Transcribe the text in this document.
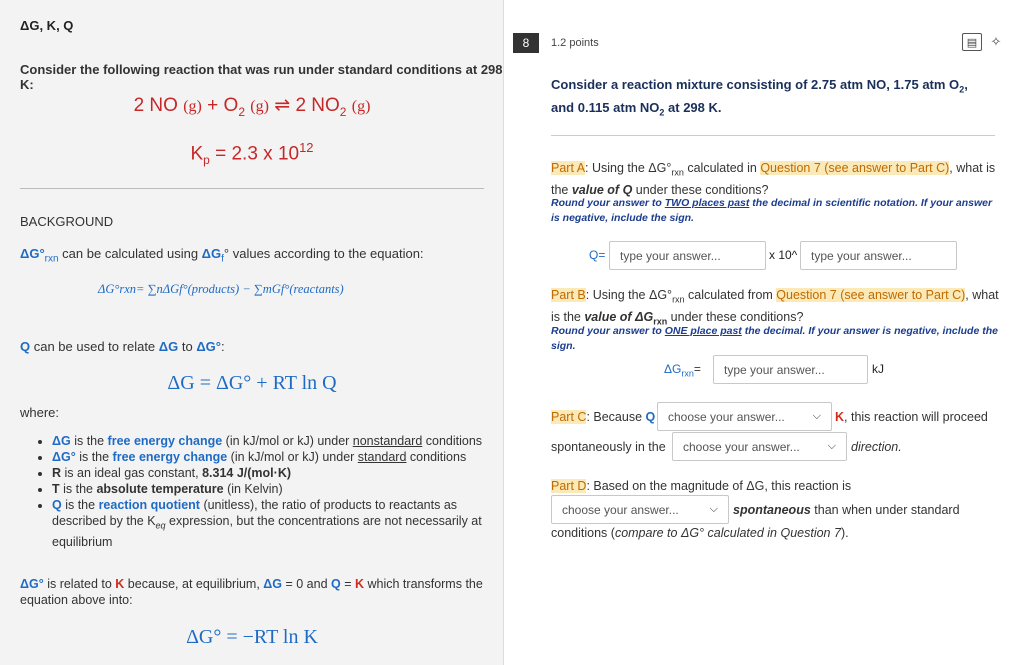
ΔG, K, Q
Consider the following reaction that was run under standard conditions at 298 K:
2 NO $(g) + O_2$ (g) ⇌ 2 $NO_2$ (g)
$K_p = 2.3$ x $10^{12}$
BACKGROUND
$\Delta G^\circ_{rxn}$ can be calculated using $\Delta G_f^\circ$ values according to the equation:
ΔG°rxn= ∑nΔGf°(products) − ∑mGf°(reactants)
Q can be used to relate ΔG to ΔG°:
ΔG = ΔG° + RT ln Q
where:
• ΔG is the free energy change (in kJ/mol or kJ) under nonstandard conditions
• ΔG° is the free energy change (in kJ/mol or kJ) under standard conditions
• R is an ideal gas constant, 8.314 J/(mol·K)
• T is the absolute temperature (in Kelvin)
• Q is the reaction quotient (unitless), the ratio of products to reactants as described by the $K_{eq}$ expression, but the concentrations are not necessarily at equilibrium
ΔG° is related to K because, at equilibrium, ΔG = 0 and Q = K which transforms the equation above into:
ΔG° = −RT ln K
8	1.2 points	▤	✧
Consider a reaction mixture consisting of 2.75 atm NO, 1.75 atm $O_2$, and 0.115 atm $NO_2$ at 298 K.
Part A: Using the $\Delta G^\circ_{rxn}$ calculated in Question 7 (see answer to Part C), what is the value of Q under these conditions?
Round your answer to TWO places past the decimal in scientific notation. If your answer is negative, include the sign.
Q=	type your answer...	x 10^	type your answer...
Part B: Using the $\Delta G^\circ_{rxn}$ calculated from Question 7 (see answer to Part C), what is the value of $\Delta G_{rxn}$ under these conditions?
Round your answer to ONE place past the decimal. If your answer is negative, include the sign.
$\Delta G_{rxn}=$	type your answer...	kJ
Part C: Because Q choose your answer...	⌵ K, this reaction will proceed
spontaneously in the choose your answer...	⌵ direction.
Part D: Based on the magnitude of ΔG, this reaction is
choose your answer...	⌵ spontaneous than when under standard
conditions (compare to ΔG° calculated in Question 7).
